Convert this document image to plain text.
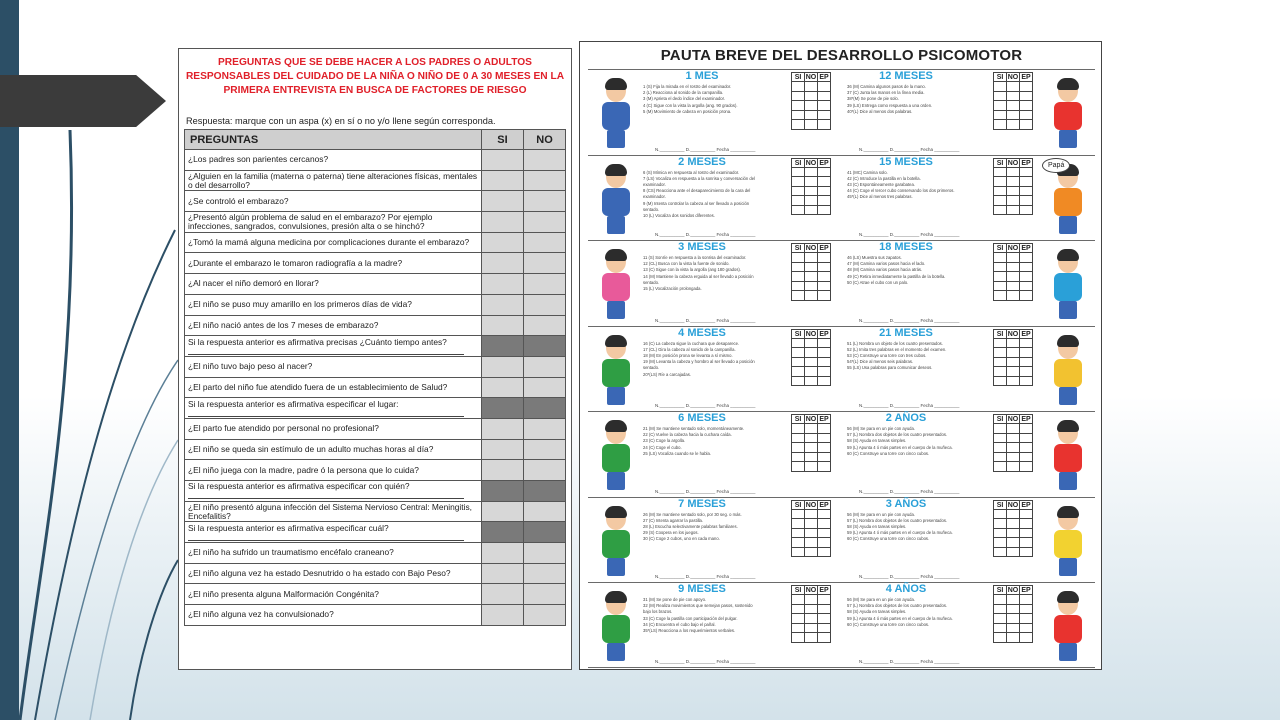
PREGUNTAS QUE SE DEBE HACER A LOS PADRES O ADULTOS RESPONSABLES DEL CUIDADO DE LA NIÑA O NIÑO DE 0 A 30 MESES EN LA PRIMERA ENTREVISTA EN BUSCA DE FACTORES DE RIESGO
Respuesta: marque con un aspa (x) en sí o no y/o llene según corresponda.
PREGUNTAS	SI	NO
¿Los padres son parientes cercanos?		
¿Alguien en la familia (materna o paterna) tiene alteraciones físicas, mentales o del desarrollo?		
¿Se controló el embarazo?		
¿Presentó algún problema de salud en el embarazo? Por ejemplo infecciones, sangrados, convulsiones, presión alta o se hinchó?		
¿Tomó la mamá alguna medicina por complicaciones durante el embarazo?		
¿Durante el embarazo le tomaron radiografía a la madre?		
¿Al nacer el niño demoró en llorar?		
¿El niño se puso muy amarillo en los primeros días de vida?		
¿El niño nació antes de los 7 meses de embarazo?		
Si la respuesta anterior es afirmativa precisas ¿Cuánto tiempo antes?

¿El niño tuvo bajo peso al nacer?		
¿El parto del niño fue atendido fuera de un establecimiento de Salud?		
Si la respuesta anterior es afirmativa especificar el lugar:

¿El parto fue atendido por personal no profesional?		
¿El niño se queda sin estímulo de un adulto muchas horas al día?		
¿El niño juega con la madre, padre ó la persona que lo cuida?		
Si la respuesta anterior es afirmativa especificar con quién?

¿El niño presentó alguna infección del Sistema Nervioso Central: Meningitis, Encefalitis?		
Si la respuesta anterior es afirmativa especificar cuál?

¿El niño ha sufrido un traumatismo encéfalo craneano?		
¿El niño alguna vez ha estado Desnutrido o ha estado con Bajo Peso?		
¿El niño presenta alguna Malformación Congénita?		
¿El niño alguna vez ha convulsionado?		
PAUTA BREVE DEL DESARROLLO PSICOMOTOR
1 MES
1 (S) Fija la mirada en el rostro del examinador.
2 (L) Reacciona al sonido de la campanilla.
3 (M) Aprieta el dedo índice del examinador.
4 (C) Sigue con la vista la argolla (ang. 90 grados).
5 (M) Movimiento de cabeza en posición prona.
SI NO EP
N.__________ D.__________ Fecha __________
12 MESES
36 (M) Camina algunos pasos de la mano.
37 (C) Junta las manos en la línea media.
38*(M) Se pone de pie solo.
39 (LS) Entrega como respuesta a una orden.
40*(L) Dice al menos dos palabras.
SI NO EP
N.__________ D.__________ Fecha __________
2 MESES
6 (S) Mímica en respuesta al rostro del examinador.
7 (LS) Vocaliza en respuesta a la sonrisa y conversación del examinador.
8 (CS) Reacciona ante el desaparecimiento de la cara del examinador.
9 (M) Intenta controlar la cabeza al ser llevado a posición sentado.
10 (L) Vocaliza dos sonidos diferentes.
SI NO EP
N.__________ D.__________ Fecha __________
15 MESES
41 (MC) Camina solo.
42 (C) Introduce la pastilla en la botella.
43 (C) Espontáneamente garabatea.
44 (C) Coge el tercer cubo conservando los dos primeros.
45*(L) Dice al menos tres palabras.
SI NO EP
N.__________ D.__________ Fecha __________
Papá
3 MESES
11 (S) Sonríe en respuesta a la sonrisa del examinador.
12 (CL) Busca con la vista la fuente de sonido.
13 (C) Sigue con la vista la argolla (ang 180 grados).
14 (M) Mantiene la cabeza erguida al ser llevado a posición sentado.
15 (L) Vocalización prolongada.
SI NO EP
N.__________ D.__________ Fecha __________
18 MESES
46 (LS) Muestra sus zapatos.
47 (M) Camina varios pasos hacia el lado.
48 (M) Camina varios pasos hacia atrás.
49 (C) Retira inmediatamente la pastilla de la botella.
50 (C) Atrae el cubo con un palo.
SI NO EP
N.__________ D.__________ Fecha __________
4 MESES
16 (C) La cabeza sigue la cuchara que desaparece.
17 (CL) Gira la cabeza al sonido de la campanilla.
18 (M) En posición prona se levanta a sí mismo.
19 (M) Levanta la cabeza y hombro al ser llevado a posición sentado.
20*(LS) Ríe a carcajadas.
SI NO EP
N.__________ D.__________ Fecha __________
21 MESES
51 (L) Nombra un objeto de los cuatro presentados.
52 (L) Imita tres palabras en el momento del examen.
53 (C) Construye una torre con tres cubos.
54*(L) Dice al menos seis palabras.
55 (LS) Usa palabras para comunicar deseos.
SI NO EP
N.__________ D.__________ Fecha __________
6 MESES
21 (M) Se mantiene sentado solo, momentáneamente.
22 (C) Vuelve la cabeza hacia la cuchara caída.
23 (C) Coge la argolla.
24 (C) Coge el cubo.
25 (LS) Vocaliza cuando se le habla.
SI NO EP
N.__________ D.__________ Fecha __________
2 AÑOS
56 (M) Se para en un pie con ayuda.
57 (L) Nombra dos objetos de los cuatro presentados.
58 (S) Ayuda en tareas simples.
59 (L) Apunta 4 ó más partes en el cuerpo de la muñeca.
60 (C) Construye una torre con cinco cubos.
SI NO EP
N.__________ D.__________ Fecha __________
7 MESES
26 (M) Se mantiene sentado solo, por 30 seg. o más.
27 (C) Intenta agarrar la pastilla.
28 (L) Escucha selectivamente palabras familiares.
29 (S) Coopera en los juegos.
30 (C) Coge 2 cubos, uno en cada mano.
SI NO EP
N.__________ D.__________ Fecha __________
3 AÑOS
56 (M) Se para en un pie con ayuda.
57 (L) Nombra dos objetos de los cuatro presentados.
58 (S) Ayuda en tareas simples.
59 (L) Apunta 4 ó más partes en el cuerpo de la muñeca.
60 (C) Construye una torre con cinco cubos.
SI NO EP
N.__________ D.__________ Fecha __________
9 MESES
31 (M) Se pone de pie con apoyo.
32 (M) Realiza movimientos que semejan pasos, sostenido bajo los brazos.
33 (C) Coge la pastilla con participación del pulgar.
34 (C) Encuentra el cubo bajo el pañal.
35*(LS) Reacciona a los requerimientos verbales.
SI NO EP
N.__________ D.__________ Fecha __________
4 AÑOS
56 (M) Se para en un pie con ayuda.
57 (L) Nombra dos objetos de los cuatro presentados.
58 (S) Ayuda en tareas simples.
59 (L) Apunta 4 ó más partes en el cuerpo de la muñeca.
60 (C) Construye una torre con cinco cubos.
SI NO EP
N.__________ D.__________ Fecha __________
